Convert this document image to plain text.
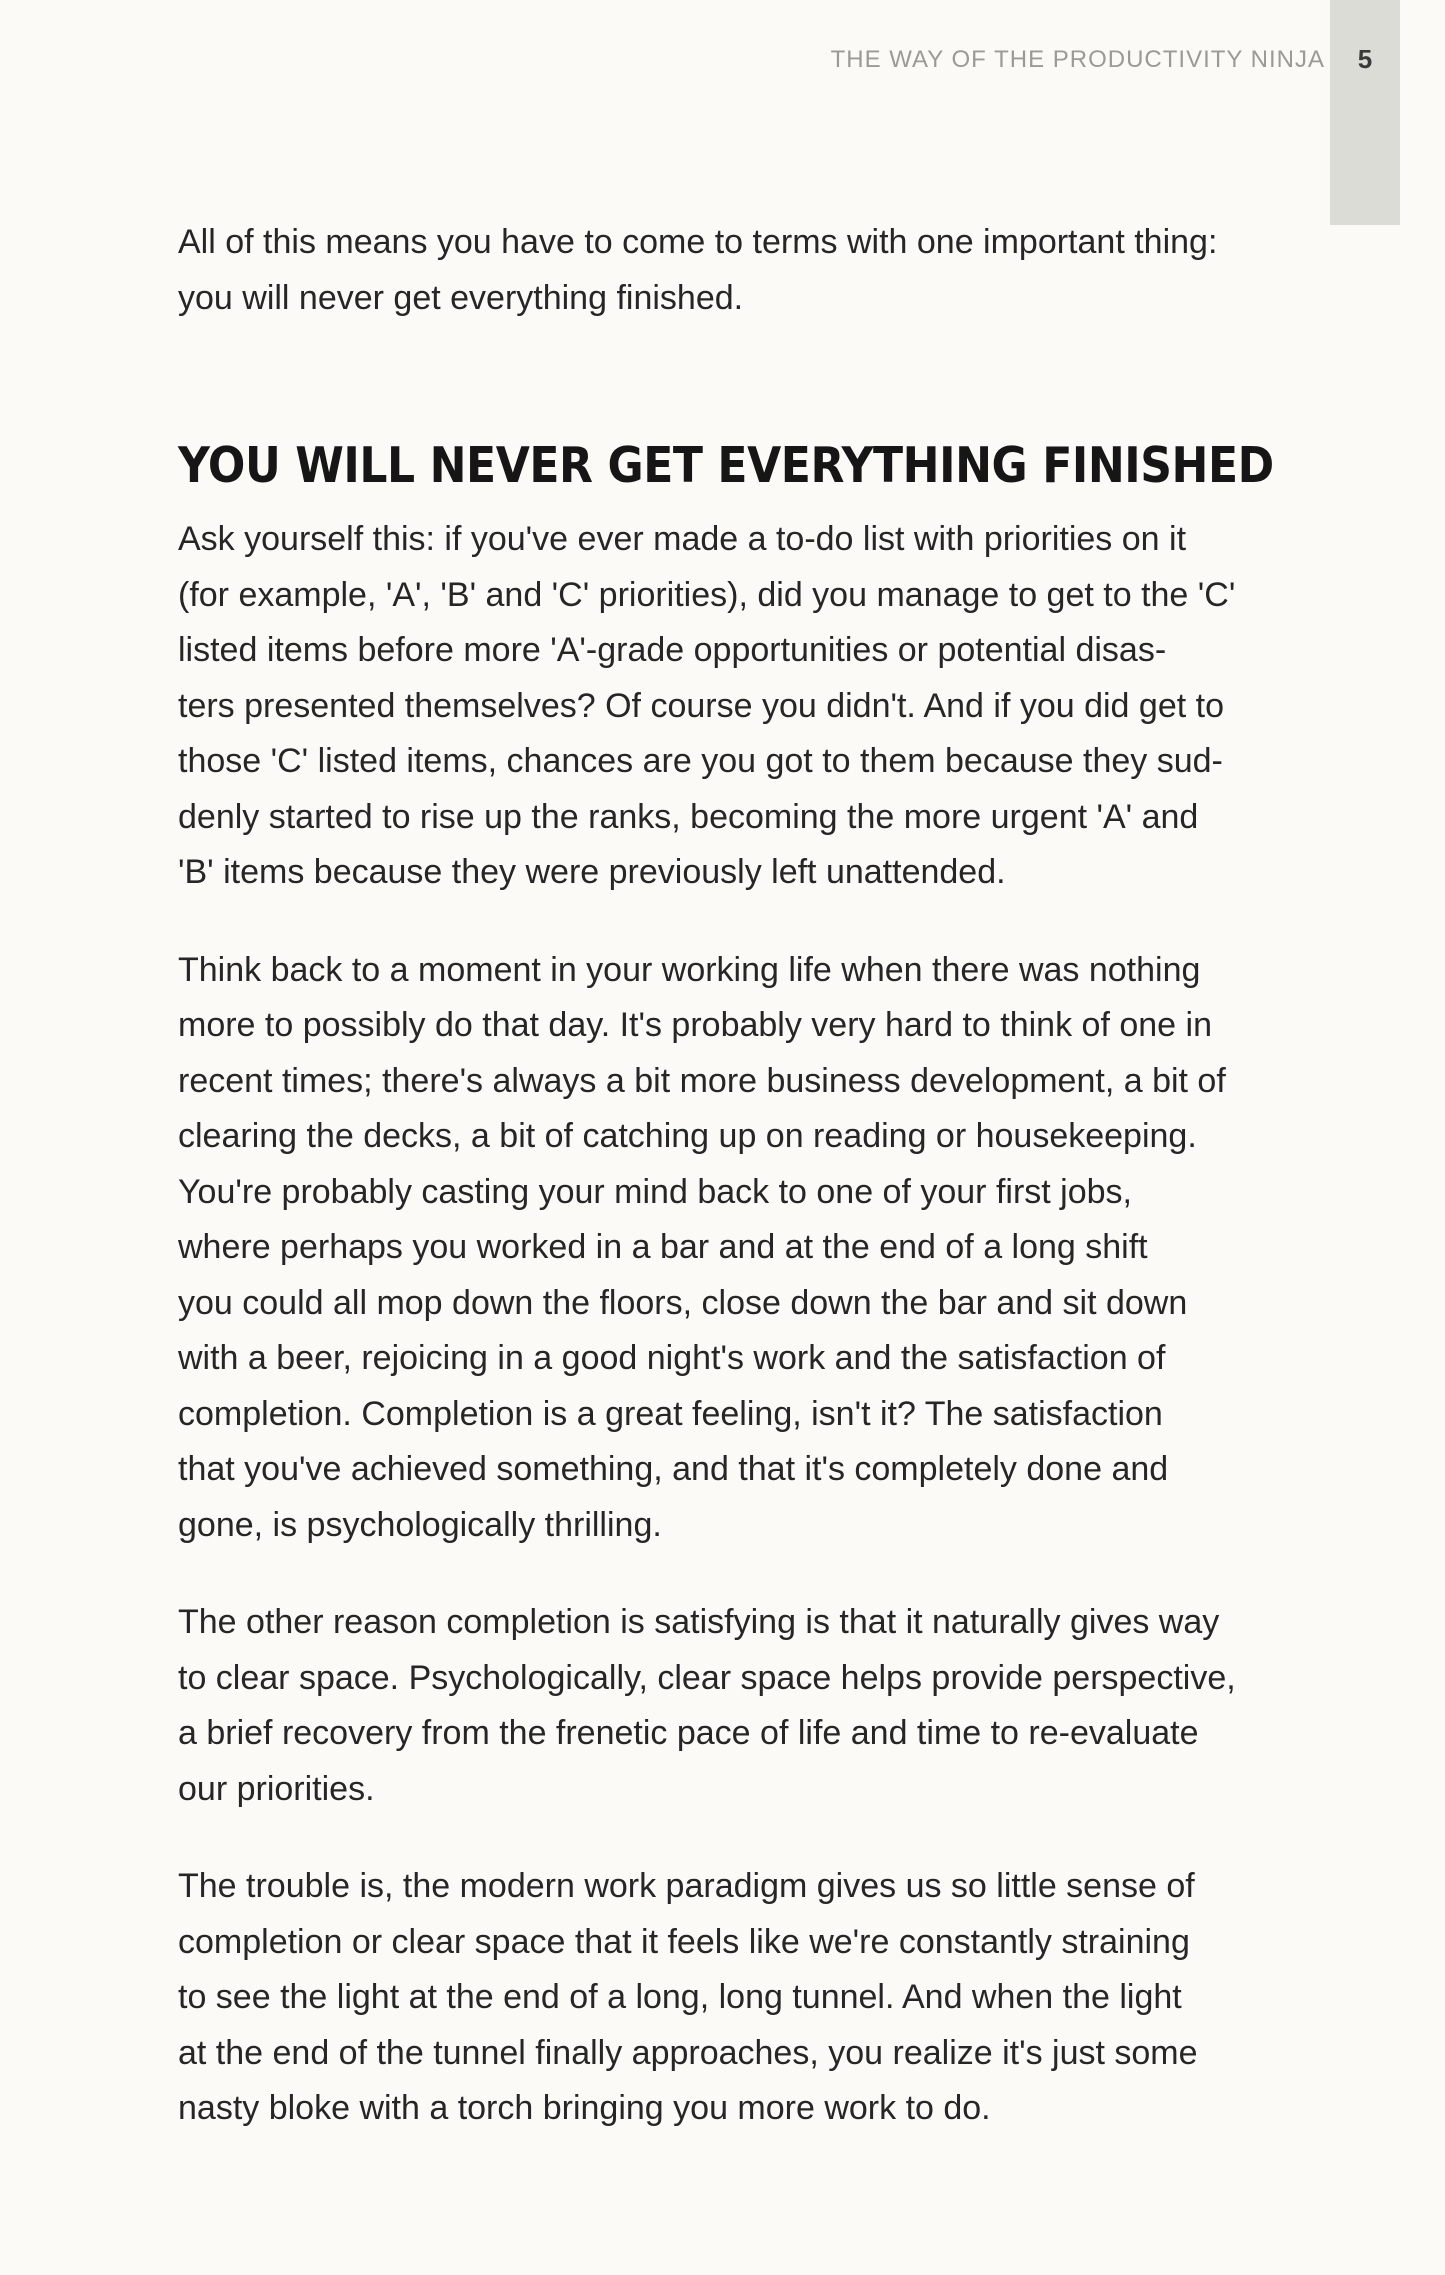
THE WAY OF THE PRODUCTIVITY NINJA	5

All of this means you have to come to terms with one important thing:
you will never get everything finished.

YOU WILL NEVER GET EVERYTHING FINISHED

Ask yourself this: if you've ever made a to-do list with priorities on it
(for example, 'A', 'B' and 'C' priorities), did you manage to get to the 'C'
listed items before more 'A'-grade opportunities or potential disas-
ters presented themselves? Of course you didn't. And if you did get to
those 'C' listed items, chances are you got to them because they sud-
denly started to rise up the ranks, becoming the more urgent 'A' and
'B' items because they were previously left unattended.

Think back to a moment in your working life when there was nothing
more to possibly do that day. It's probably very hard to think of one in
recent times; there's always a bit more business development, a bit of
clearing the decks, a bit of catching up on reading or housekeeping.
You're probably casting your mind back to one of your first jobs,
where perhaps you worked in a bar and at the end of a long shift
you could all mop down the floors, close down the bar and sit down
with a beer, rejoicing in a good night's work and the satisfaction of
completion. Completion is a great feeling, isn't it? The satisfaction
that you've achieved something, and that it's completely done and
gone, is psychologically thrilling.

The other reason completion is satisfying is that it naturally gives way
to clear space. Psychologically, clear space helps provide perspective,
a brief recovery from the frenetic pace of life and time to re-evaluate
our priorities.

The trouble is, the modern work paradigm gives us so little sense of
completion or clear space that it feels like we're constantly straining
to see the light at the end of a long, long tunnel. And when the light
at the end of the tunnel finally approaches, you realize it's just some
nasty bloke with a torch bringing you more work to do.
